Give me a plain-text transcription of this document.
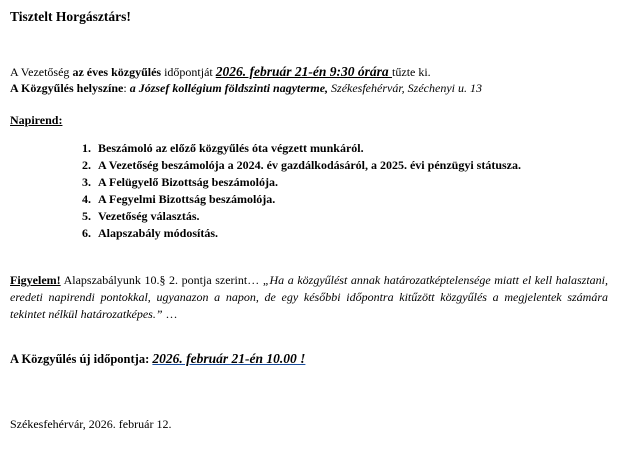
Tisztelt Horgásztárs!
A Vezetőség az éves közgyűlés időpontját 2026. február 21-én 9:30 órára tűzte ki.
A Közgyűlés helyszíne: a József kollégium földszinti nagyterme, Székesfehérvár, Széchenyi u. 13
Napirend:
1. Beszámoló az előző közgyűlés óta végzett munkáról.
2. A Vezetőség beszámolója a 2024. év gazdálkodásáról, a 2025. évi pénzügyi státusza.
3. A Felügyelő Bizottság beszámolója.
4. A Fegyelmi Bizottság beszámolója.
5. Vezetőség választás.
6. Alapszabály módosítás.
Figyelem! Alapszabályunk 10.§ 2. pontja szerint… „Ha a közgyűlést annak határozatképtelensége miatt el kell halasztani, eredeti napirendi pontokkal, ugyanazon a napon, de egy későbbi időpontra kitűzött közgyűlés a megjelentek számára tekintet nélkül határozatképes.” …
A Közgyűlés új időpontja: 2026. február 21-én 10.00 !
Székesfehérvár, 2026. február 12.
